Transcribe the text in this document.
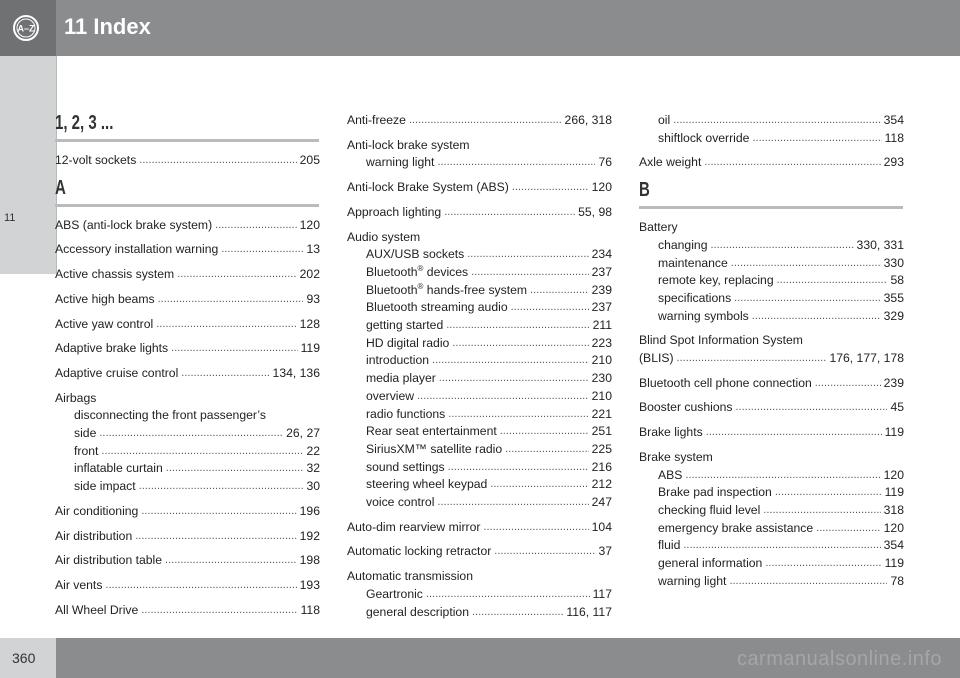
A–Z 11 Index
11
1, 2, 3 ...
12-volt sockets .....	205
A
ABS (anti-lock brake system) .....	120
Accessory installation warning .....	13
Active chassis system .....	202
Active high beams .....	93
Active yaw control .....	128
Adaptive brake lights .....	119
Adaptive cruise control .....	134, 136
Airbags
disconnecting the front passenger’s
side .....	26, 27
front .....	22
inflatable curtain .....	32
side impact .....	30
Air conditioning .....	196
Air distribution .....	192
Air distribution table .....	198
Air vents .....	193
All Wheel Drive .....	118
Anti-freeze .....	266, 318
Anti-lock brake system
warning light .....	76
Anti-lock Brake System (ABS) .....	120
Approach lighting .....	55, 98
Audio system
AUX/USB sockets .....	234
Bluetooth® devices .....	237
Bluetooth® hands-free system .....	239
Bluetooth streaming audio .....	237
getting started .....	211
HD digital radio .....	223
introduction .....	210
media player .....	230
overview .....	210
radio functions .....	221
Rear seat entertainment .....	251
SiriusXM™ satellite radio .....	225
sound settings .....	216
steering wheel keypad .....	212
voice control .....	247
Auto-dim rearview mirror .....	104
Automatic locking retractor .....	37
Automatic transmission
Geartronic .....	117
general description .....	116, 117
oil .....	354
shiftlock override .....	118
Axle weight .....	293
B
Battery
changing .....	330, 331
maintenance .....	330
remote key, replacing .....	58
specifications .....	355
warning symbols .....	329
Blind Spot Information System
(BLIS) .....	176, 177, 178
Bluetooth cell phone connection .....	239
Booster cushions .....	45
Brake lights .....	119
Brake system
ABS .....	120
Brake pad inspection .....	119
checking fluid level .....	318
emergency brake assistance .....	120
fluid .....	354
general information .....	119
warning light .....	78
360	carmanualsonline.info
